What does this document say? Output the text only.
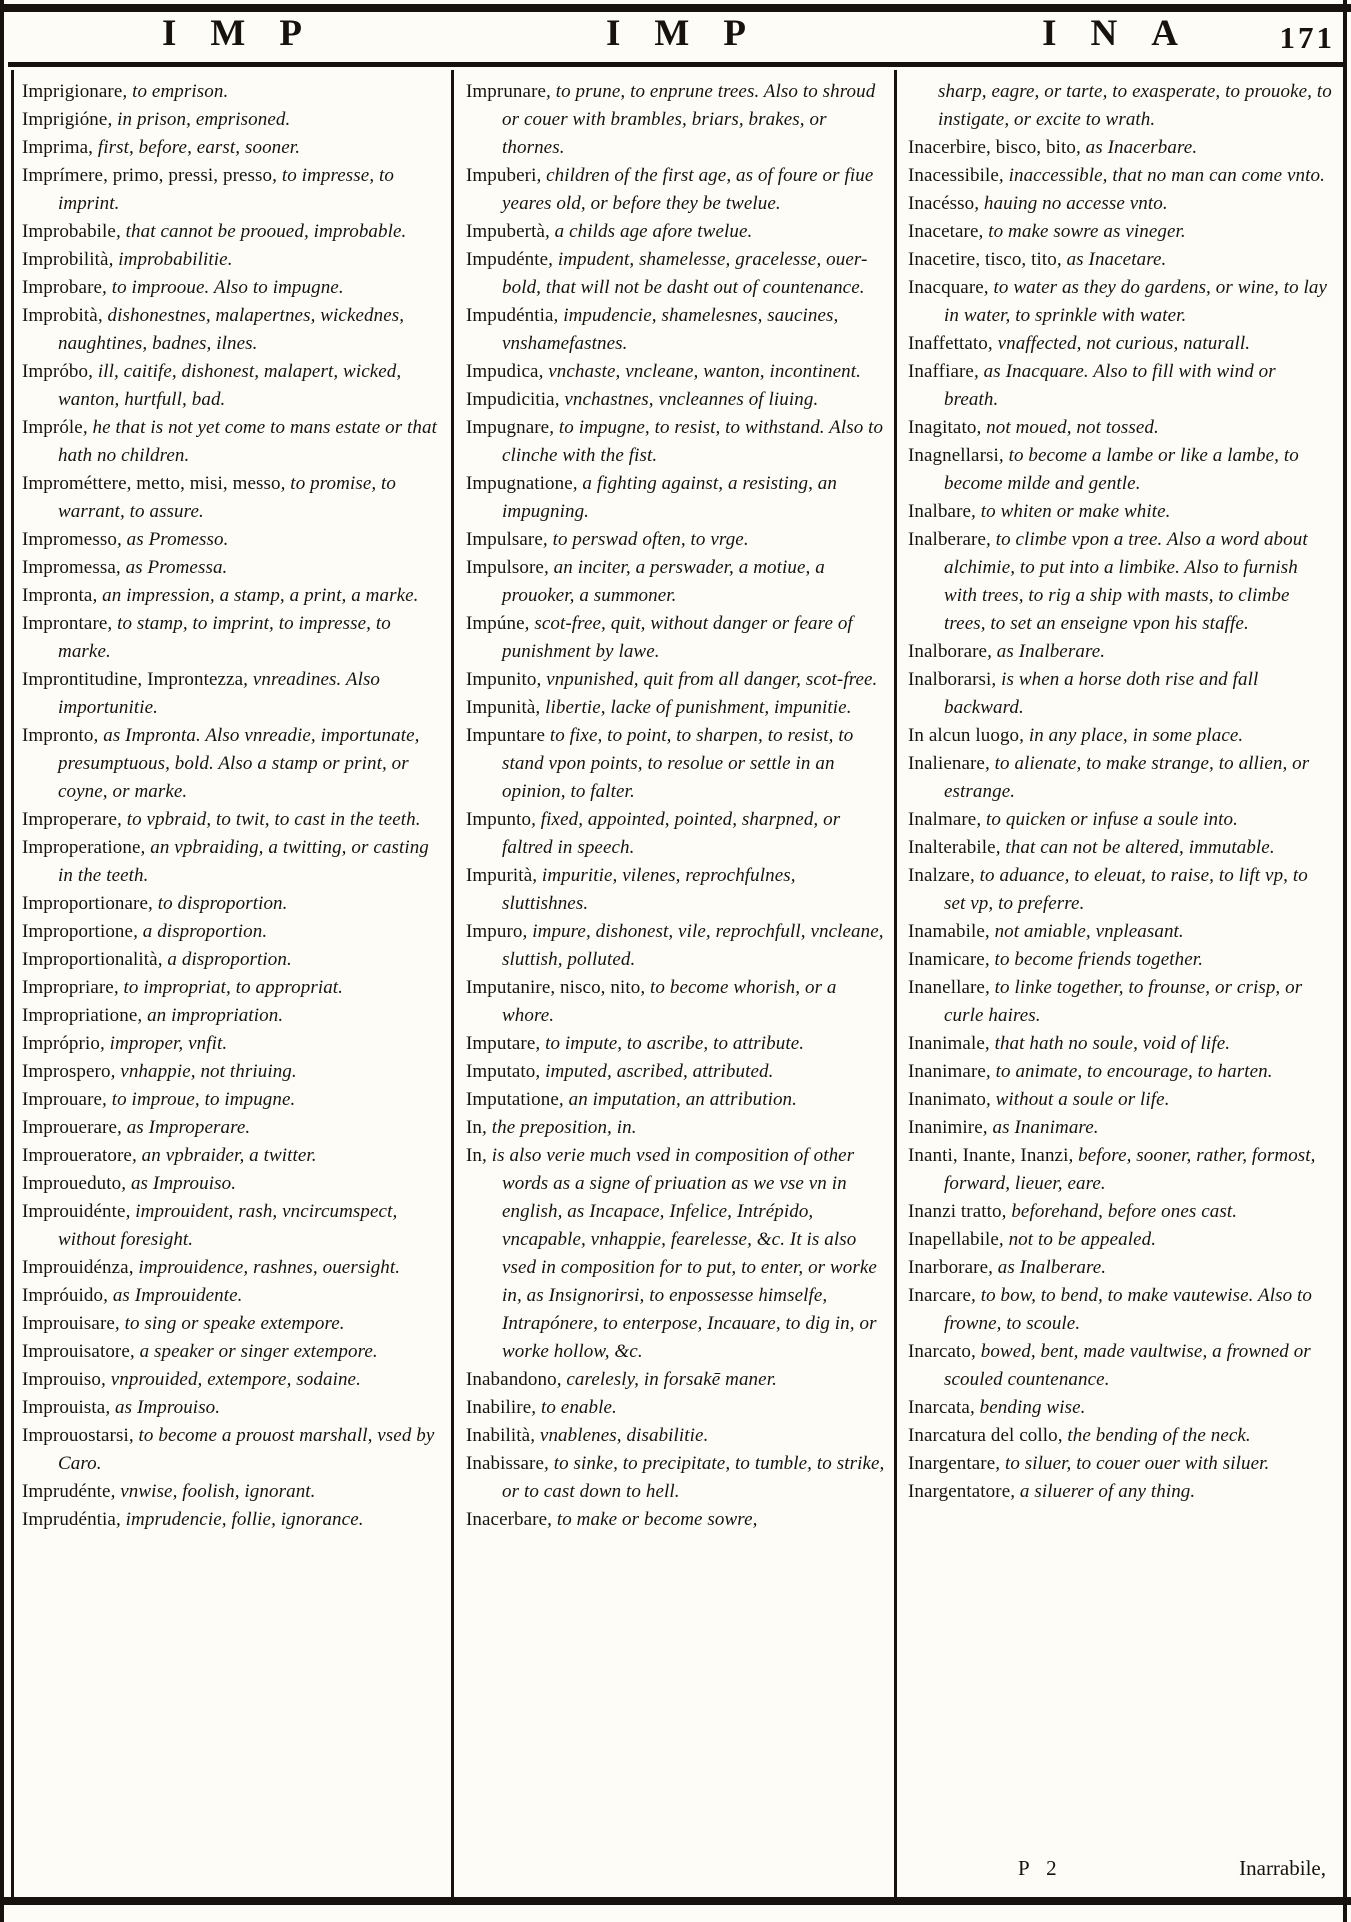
IMP	IMP	INA	171

Imprigionare, to emprison.

Imprigióne, in prison, emprisoned.

Imprima, first, before, earst, sooner.

Imprímere, primo, pressi, presso, to impresse, to imprint.

Improbabile, that cannot be prooued, improbable.

Improbilità, improbabilitie.

Improbare, to improoue. Also to impugne.

Improbità, dishonestnes, malapertnes, wickednes, naughtines, badnes, ilnes.

Impróbo, ill, caitife, dishonest, malapert, wicked, wanton, hurtfull, bad.

Impróle, he that is not yet come to mans estate or that hath no children.

Improméttere, metto, misi, messo, to promise, to warrant, to assure.

Impromesso, as Promesso.

Impromessa, as Promessa.

Impronta, an impression, a stamp, a print, a marke.

Improntare, to stamp, to imprint, to impresse, to marke.

Improntitudine, Improntezza, vnreadines. Also importunitie.

Impronto, as Impronta. Also vnreadie, importunate, presumptuous, bold. Also a stamp or print, or coyne, or marke.

Improperare, to vpbraid, to twit, to cast in the teeth.

Improperatione, an vpbraiding, a twitting, or casting in the teeth.

Improportionare, to disproportion.

Improportione, a disproportion.

Improportionalità, a disproportion.

Impropriare, to impropriat, to appropriat.

Impropriatione, an impropriation.

Impróprio, improper, vnfit.

Improspero, vnhappie, not thriuing.

Improuare, to improue, to impugne.

Improuerare, as Improperare.

Improueratore, an vpbraider, a twitter.

Improueduto, as Improuiso.

Improuidénte, improuident, rash, vncircumspect, without foresight.

Improuidénza, improuidence, rashnes, ouersight.

Impróuido, as Improuidente.

Improuisare, to sing or speake extempore.

Improuisatore, a speaker or singer extempore.

Improuiso, vnprouided, extempore, sodaine.

Improuista, as Improuiso.

Improuostarsi, to become a prouost marshall, vsed by Caro.

Imprudénte, vnwise, foolish, ignorant.

Imprudéntia, imprudencie, follie, ignorance.

Imprunare, to prune, to enprune trees. Also to shroud or couer with brambles, briars, brakes, or thornes.

Impuberi, children of the first age, as of foure or fiue yeares old, or before they be twelue.

Impubertà, a childs age afore twelue.

Impudénte, impudent, shamelesse, gracelesse, ouer-bold, that will not be dasht out of countenance.

Impudéntia, impudencie, shamelesnes, saucines, vnshamefastnes.

Impudica, vnchaste, vncleane, wanton, incontinent.

Impudicitia, vnchastnes, vncleannes of liuing.

Impugnare, to impugne, to resist, to withstand. Also to clinche with the fist.

Impugnatione, a fighting against, a resisting, an impugning.

Impulsare, to perswad often, to vrge.

Impulsore, an inciter, a perswader, a motiue, a prouoker, a summoner.

Impúne, scot-free, quit, without danger or feare of punishment by lawe.

Impunito, vnpunished, quit from all danger, scot-free.

Impunità, libertie, lacke of punishment, impunitie.

Impuntare to fixe, to point, to sharpen, to resist, to stand vpon points, to resolue or settle in an opinion, to falter.

Impunto, fixed, appointed, pointed, sharpned, or faltred in speech.

Impurità, impuritie, vilenes, reprochfulnes, sluttishnes.

Impuro, impure, dishonest, vile, reprochfull, vncleane, sluttish, polluted.

Imputanire, nisco, nito, to become whorish, or a whore.

Imputare, to impute, to ascribe, to attribute.

Imputato, imputed, ascribed, attributed.

Imputatione, an imputation, an attribution.

In, the preposition, in.

In, is also verie much vsed in composition of other words as a signe of priuation as we vse vn in english, as Incapace, Infelice, Intrépido, vncapable, vnhappie, fearelesse, &c. It is also vsed in composition for to put, to enter, or worke in, as Insignorirsi, to enpossesse himselfe, Intrapónere, to enterpose, Incauare, to dig in, or worke hollow, &c.

Inabandono, carelesly, in forsakē maner.

Inabilire, to enable.

Inabilità, vnablenes, disabilitie.

Inabissare, to sinke, to precipitate, to tumble, to strike, or to cast down to hell.

Inacerbare, to make or become sowre,

sharp, eagre, or tarte, to exasperate, to prouoke, to instigate, or excite to wrath.

Inacerbire, bisco, bito, as Inacerbare.

Inacessibile, inaccessible, that no man can come vnto.

Inacésso, hauing no accesse vnto.

Inacetare, to make sowre as vineger.

Inacetire, tisco, tito, as Inacetare.

Inacquare, to water as they do gardens, or wine, to lay in water, to sprinkle with water.

Inaffettato, vnaffected, not curious, naturall.

Inaffiare, as Inacquare. Also to fill with wind or breath.

Inagitato, not moued, not tossed.

Inagnellarsi, to become a lambe or like a lambe, to become milde and gentle.

Inalbare, to whiten or make white.

Inalberare, to climbe vpon a tree. Also a word about alchimie, to put into a limbike. Also to furnish with trees, to rig a ship with masts, to climbe trees, to set an enseigne vpon his staffe.

Inalborare, as Inalberare.

Inalborarsi, is when a horse doth rise and fall backward.

In alcun luogo, in any place, in some place.

Inalienare, to alienate, to make strange, to allien, or estrange.

Inalmare, to quicken or infuse a soule into.

Inalterabile, that can not be altered, immutable.

Inalzare, to aduance, to eleuat, to raise, to lift vp, to set vp, to preferre.

Inamabile, not amiable, vnpleasant.

Inamicare, to become friends together.

Inanellare, to linke together, to frounse, or crisp, or curle haires.

Inanimale, that hath no soule, void of life.

Inanimare, to animate, to encourage, to harten.

Inanimato, without a soule or life.

Inanimire, as Inanimare.

Inanti, Inante, Inanzi, before, sooner, rather, formost, forward, lieuer, eare.

Inanzi tratto, beforehand, before ones cast.

Inapellabile, not to be appealed.

Inarborare, as Inalberare.

Inarcare, to bow, to bend, to make vautewise. Also to frowne, to scoule.

Inarcato, bowed, bent, made vaultwise, a frowned or scouled countenance.

Inarcata, bending wise.

Inarcatura del collo, the bending of the neck.

Inargentare, to siluer, to couer ouer with siluer.

Inargentatore, a siluerer of any thing.

P 2	Inarrabile,
